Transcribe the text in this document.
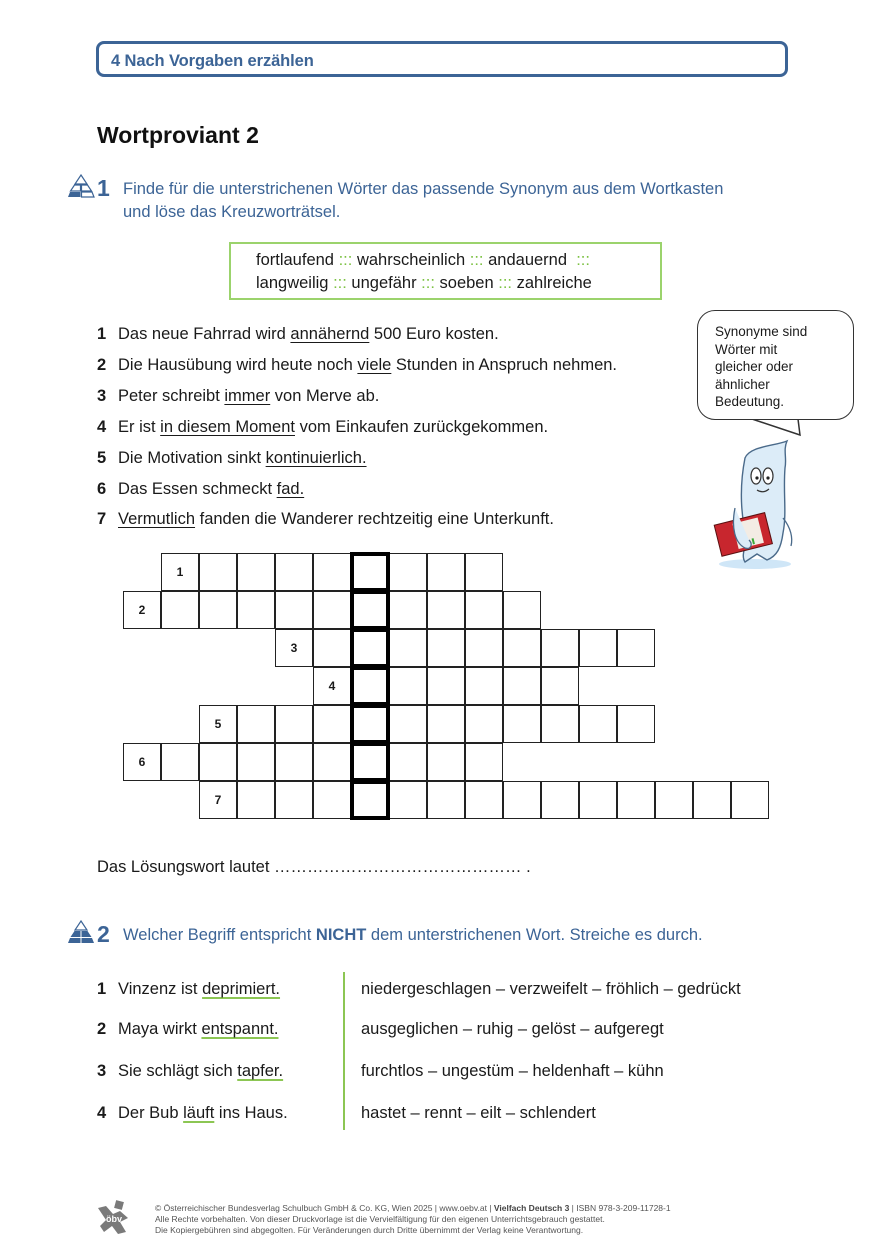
4 Nach Vorgaben erzählen
Wortproviant 2
1 Finde für die unterstrichenen Wörter das passende Synonym aus dem Wortkasten
und löse das Kreuzworträtsel.
fortlaufend ::: wahrscheinlich ::: andauernd :::
langweilig ::: ungefähr ::: soeben ::: zahlreiche
1 Das neue Fahrrad wird annähernd 500 Euro kosten.
2 Die Hausübung wird heute noch viele Stunden in Anspruch nehmen.
3 Peter schreibt immer von Merve ab.
4 Er ist in diesem Moment vom Einkaufen zurückgekommen.
5 Die Motivation sinkt kontinuierlich.
6 Das Essen schmeckt fad.
7 Vermutlich fanden die Wanderer rechtzeitig eine Unterkunft.
Synonyme sind
Wörter mit
gleicher oder
ähnlicher
Bedeutung.
1
2
3
4
5
6
7
Das Lösungswort lautet ……………………………………… .
2 Welcher Begriff entspricht NICHT dem unterstrichenen Wort. Streiche es durch.
1 Vinzenz ist deprimiert.	niedergeschlagen – verzweifelt – fröhlich – gedrückt
2 Maya wirkt entspannt.	ausgeglichen – ruhig – gelöst – aufgeregt
3 Sie schlägt sich tapfer.	furchtlos – ungestüm – heldenhaft – kühn
4 Der Bub läuft ins Haus.	hastet – rennt – eilt – schlendert
öbv
© Österreichischer Bundesverlag Schulbuch GmbH & Co. KG, Wien 2025 | www.oebv.at | Vielfach Deutsch 3 | ISBN 978-3-209-11728-1
Alle Rechte vorbehalten. Von dieser Druckvorlage ist die Vervielfältigung für den eigenen Unterrichtsgebrauch gestattet.
Die Kopiergebühren sind abgegolten. Für Veränderungen durch Dritte übernimmt der Verlag keine Verantwortung.
